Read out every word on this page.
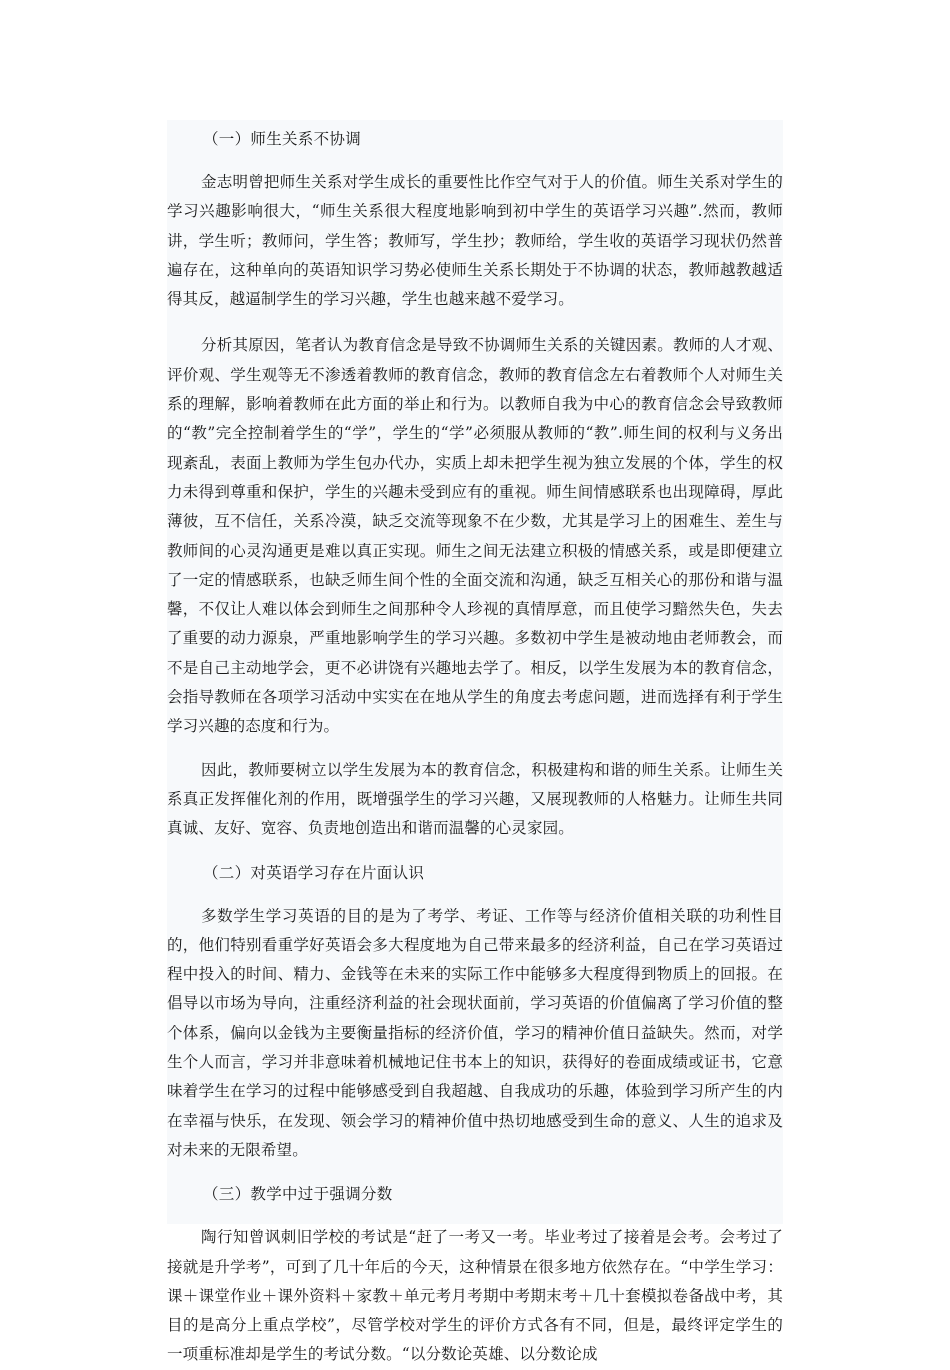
（一）师生关系不协调

金志明曾把师生关系对学生成长的重要性比作空气对于人的价值。师生关系对学生的学习兴趣影响很大，“师生关系很大程度地影响到初中学生的英语学习兴趣”.然而，教师讲，学生听；教师问，学生答；教师写，学生抄；教师给，学生收的英语学习现状仍然普遍存在，这种单向的英语知识学习势必使师生关系长期处于不协调的状态，教师越教越适得其反，越逼制学生的学习兴趣，学生也越来越不爱学习。

分析其原因，笔者认为教育信念是导致不协调师生关系的关键因素。教师的人才观、评价观、学生观等无不渗透着教师的教育信念，教师的教育信念左右着教师个人对师生关系的理解，影响着教师在此方面的举止和行为。以教师自我为中心的教育信念会导致教师的“教”完全控制着学生的“学”，学生的“学”必须服从教师的“教”.师生间的权利与义务出现紊乱，表面上教师为学生包办代办，实质上却未把学生视为独立发展的个体，学生的权力未得到尊重和保护，学生的兴趣未受到应有的重视。师生间情感联系也出现障碍，厚此薄彼，互不信任，关系冷漠，缺乏交流等现象不在少数，尤其是学习上的困难生、差生与教师间的心灵沟通更是难以真正实现。师生之间无法建立积极的情感关系，或是即便建立了一定的情感联系，也缺乏师生间个性的全面交流和沟通，缺乏互相关心的那份和谐与温馨，不仅让人难以体会到师生之间那种令人珍视的真情厚意，而且使学习黯然失色，失去了重要的动力源泉，严重地影响学生的学习兴趣。多数初中学生是被动地由老师教会，而不是自己主动地学会，更不必讲饶有兴趣地去学了。相反，以学生发展为本的教育信念，会指导教师在各项学习活动中实实在在地从学生的角度去考虑问题，进而选择有利于学生学习兴趣的态度和行为。

因此，教师要树立以学生发展为本的教育信念，积极建构和谐的师生关系。让师生关系真正发挥催化剂的作用，既增强学生的学习兴趣，又展现教师的人格魅力。让师生共同真诚、友好、宽容、负责地创造出和谐而温馨的心灵家园。

（二）对英语学习存在片面认识

多数学生学习英语的目的是为了考学、考证、工作等与经济价值相关联的功利性目的，他们特别看重学好英语会多大程度地为自己带来最多的经济利益，自己在学习英语过程中投入的时间、精力、金钱等在未来的实际工作中能够多大程度得到物质上的回报。在倡导以市场为导向，注重经济利益的社会现状面前，学习英语的价值偏离了学习价值的整个体系，偏向以金钱为主要衡量指标的经济价值，学习的精神价值日益缺失。然而，对学生个人而言，学习并非意味着机械地记住书本上的知识，获得好的卷面成绩或证书，它意味着学生在学习的过程中能够感受到自我超越、自我成功的乐趣，体验到学习所产生的内在幸福与快乐，在发现、领会学习的精神价值中热切地感受到生命的意义、人生的追求及对未来的无限希望。

（三）教学中过于强调分数

陶行知曾讽刺旧学校的考试是“赶了一考又一考。毕业考过了接着是会考。会考过了接就是升学考”，可到了几十年后的今天，这种情景在很多地方依然存在。“中学生学习：课＋课堂作业＋课外资料＋家教＋单元考月考期中考期末考＋几十套模拟卷备战中考，其目的是高分上重点学校”，尽管学校对学生的评价方式各有不同，但是，最终评定学生的一项重标准却是学生的考试分数。“以分数论英雄、以分数论成
